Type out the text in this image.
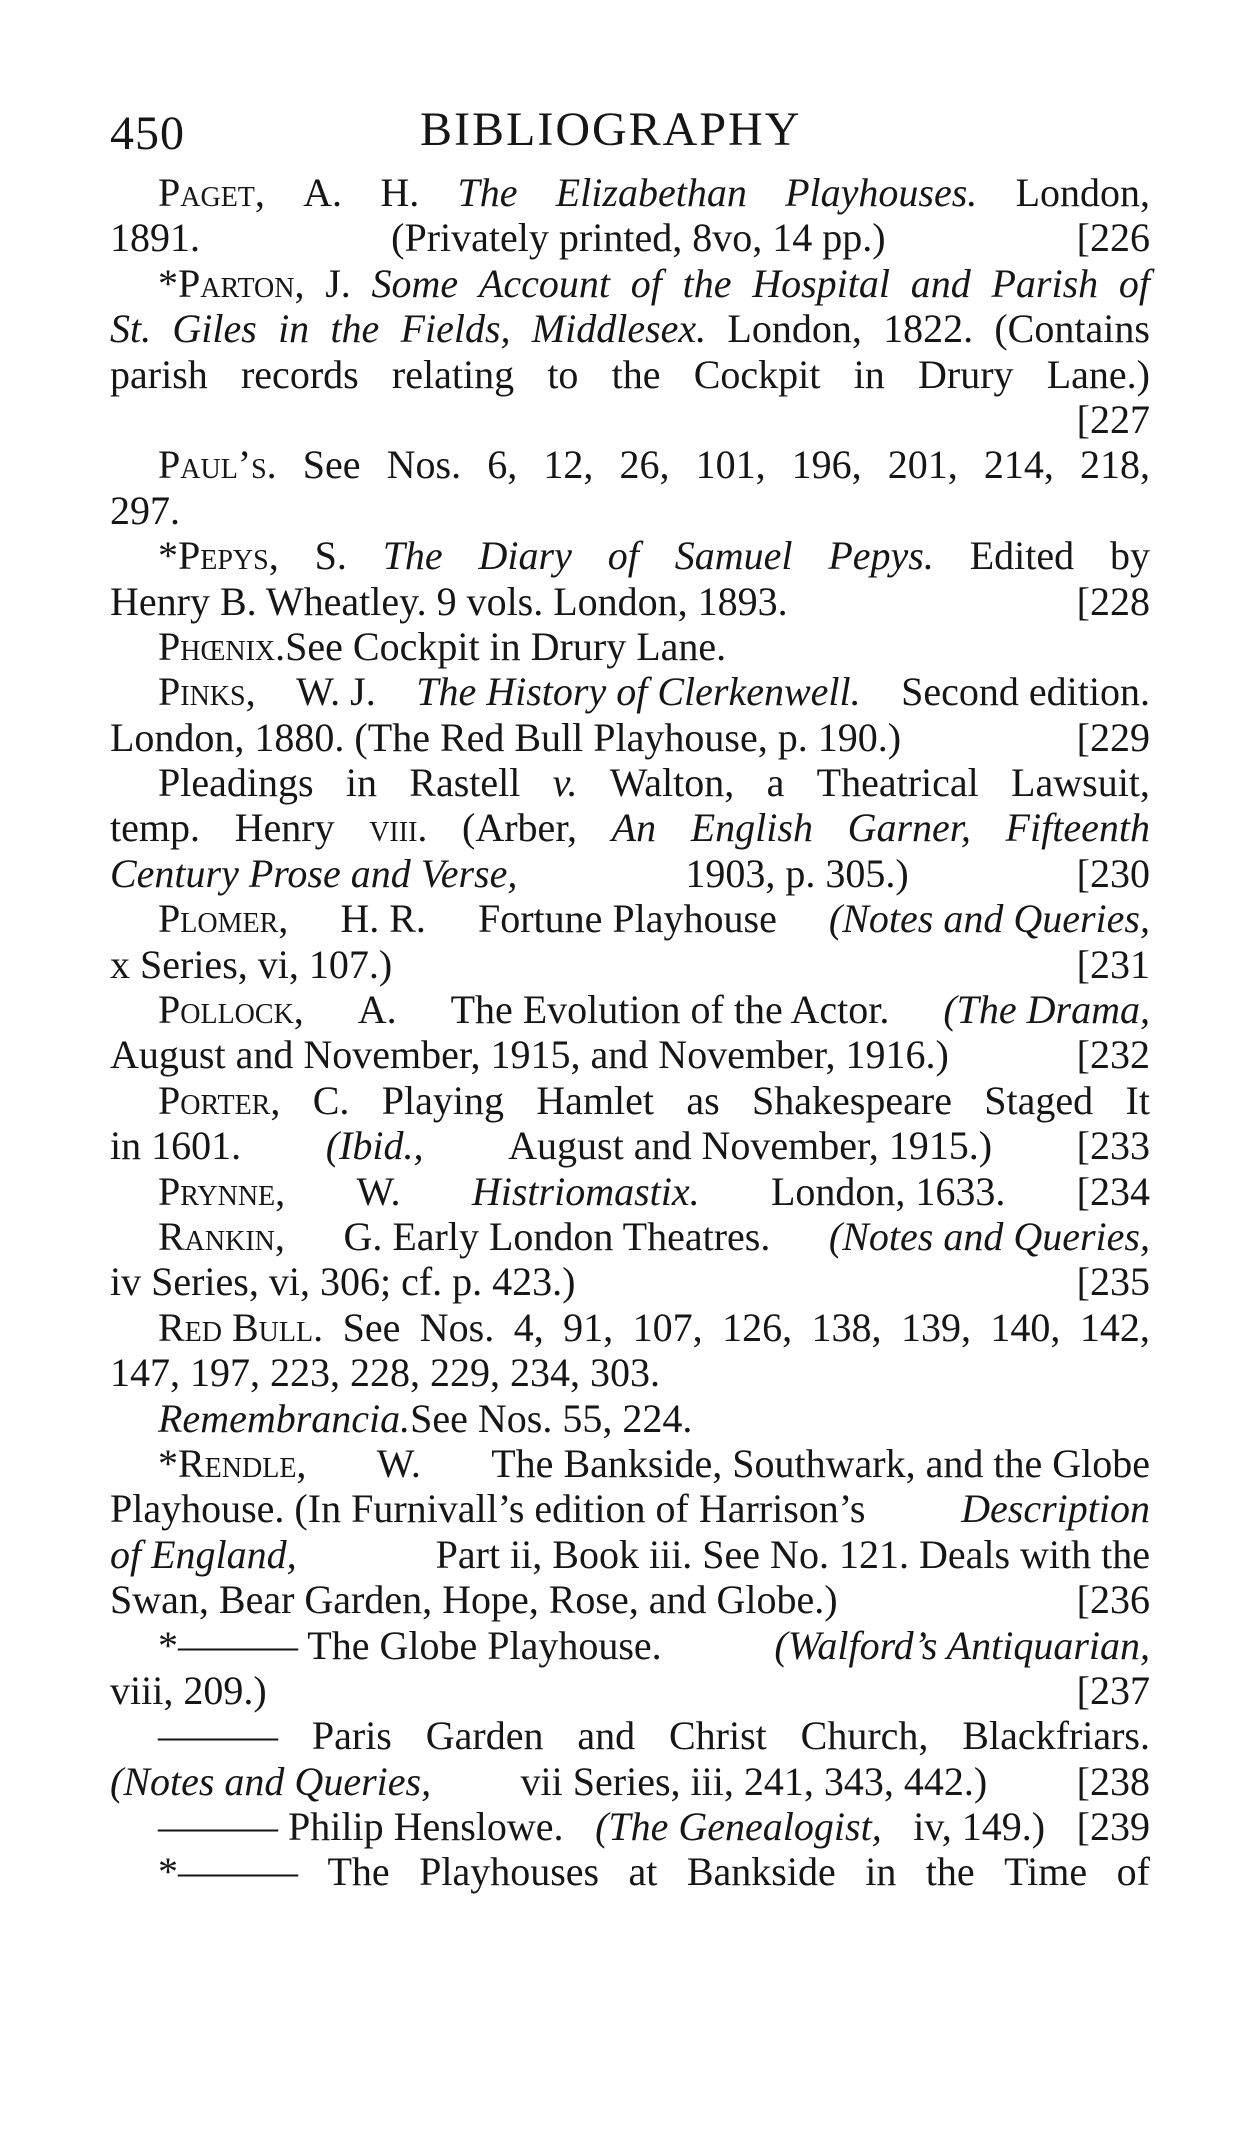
450	BIBLIOGRAPHY
Paget, A. H. The Elizabethan Playhouses. London,
1891.	(Privately printed, 8vo, 14 pp.)	[226
*Parton, J. Some Account of the Hospital and Parish of
St. Giles in the Fields, Middlesex. London, 1822. (Contains
parish records relating to the Cockpit in Drury Lane.)
[227
Paul’s. See Nos. 6, 12, 26, 101, 196, 201, 214, 218,
297.
*Pepys, S. The Diary of Samuel Pepys. Edited by
Henry B. Wheatley. 9 vols. London, 1893.	[228
Phœnix. See Cockpit in Drury Lane.
Pinks, W. J. The History of Clerkenwell. Second edition.
London, 1880. (The Red Bull Playhouse, p. 190.)	[229
Pleadings in Rastell v. Walton, a Theatrical Lawsuit,
temp. Henry viii. (Arber, An English Garner, Fifteenth
Century Prose and Verse,	1903, p. 305.)	[230
Plomer, H. R. Fortune Playhouse (Notes and Queries,
x Series, vi, 107.)	[231
Pollock, A. The Evolution of the Actor. (The Drama,
August and November, 1915, and November, 1916.)	[232
Porter, C. Playing Hamlet as Shakespeare Staged It
in 1601. (Ibid., August and November, 1915.) [233
Prynne, W. Histriomastix. London, 1633. [234
Rankin, G. Early London Theatres. (Notes and Queries,
iv Series, vi, 306; cf. p. 423.)	[235
Red Bull. See Nos. 4, 91, 107, 126, 138, 139, 140, 142,
147, 197, 223, 228, 229, 234, 303.
Remembrancia. See Nos. 55, 224.
*Rendle, W. The Bankside, Southwark, and the Globe
Playhouse. (In Furnivall’s edition of Harrison’s Description
of England,	Part ii, Book iii. See No. 121. Deals with the
Swan, Bear Garden, Hope, Rose, and Globe.)	[236
*——— The Globe Playhouse.	(Walford’s Antiquarian,
viii, 209.)	[237
——— Paris Garden and Christ Church, Blackfriars.
(Notes and Queries, vii Series, iii, 241, 343, 442.) [238
——— Philip Henslowe. (The Genealogist, iv, 149.) [239
*——— The Playhouses at Bankside in the Time of
